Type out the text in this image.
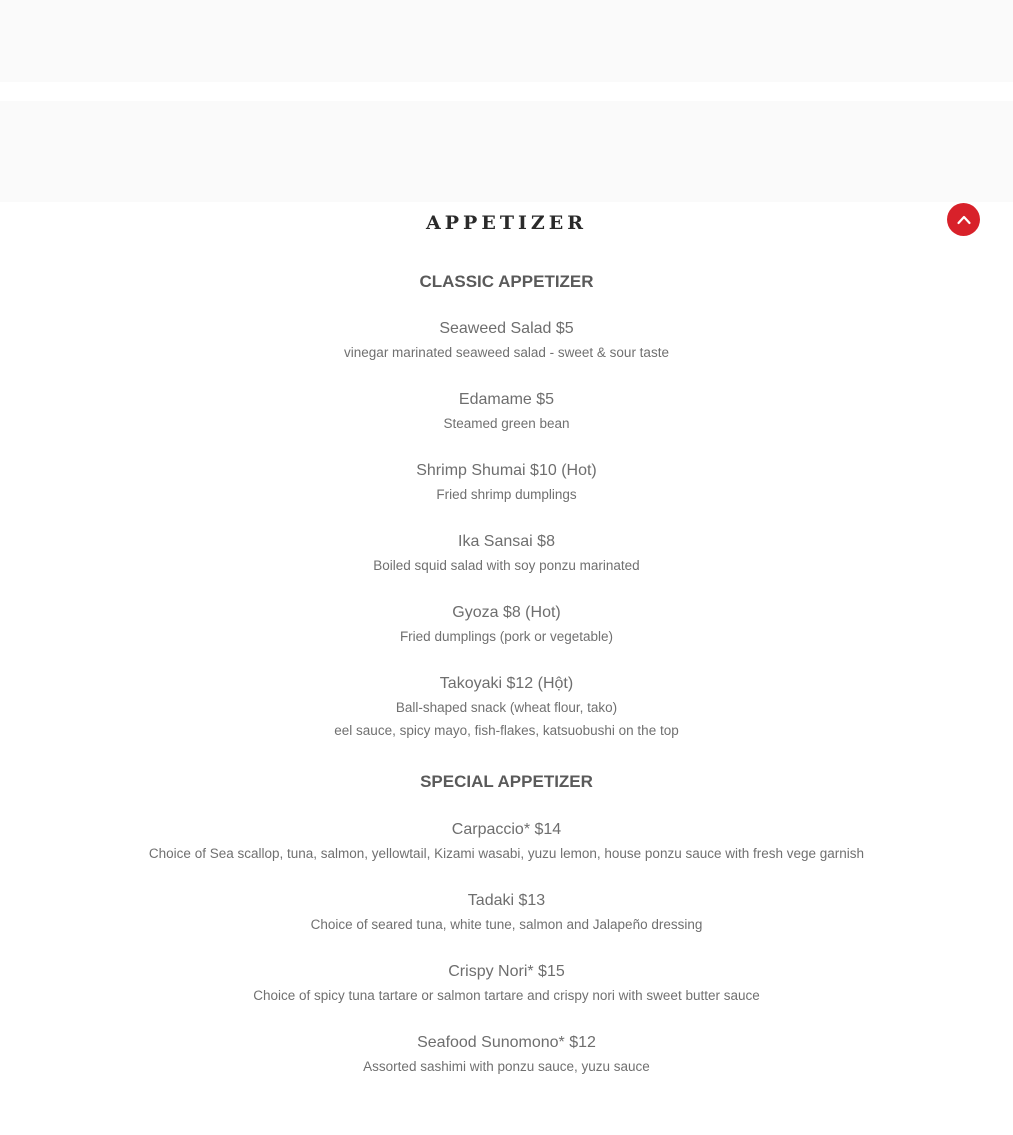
APPETIZER
CLASSIC APPETIZER
Seaweed Salad $5
vinegar marinated seaweed salad - sweet & sour taste
Edamame $5
Steamed green bean
Shrimp Shumai $10 (Hot)
Fried shrimp dumplings
Ika Sansai $8
Boiled squid salad with soy ponzu marinated
Gyoza $8 (Hot)
Fried dumplings (pork or vegetable)
Takoyaki $12 (Hột)
Ball-shaped snack (wheat flour, tako)
eel sauce, spicy mayo, fish-flakes, katsuobushi on the top
SPECIAL APPETIZER
Carpaccio* $14
Choice of Sea scallop, tuna, salmon, yellowtail, Kizami wasabi, yuzu lemon, house ponzu sauce with fresh vege garnish
Tadaki $13
Choice of seared tuna, white tune, salmon and Jalapeño dressing
Crispy Nori* $15
Choice of spicy tuna tartare or salmon tartare and crispy nori with sweet butter sauce
Seafood Sunomono* $12
Assorted sashimi with ponzu sauce, yuzu sauce
